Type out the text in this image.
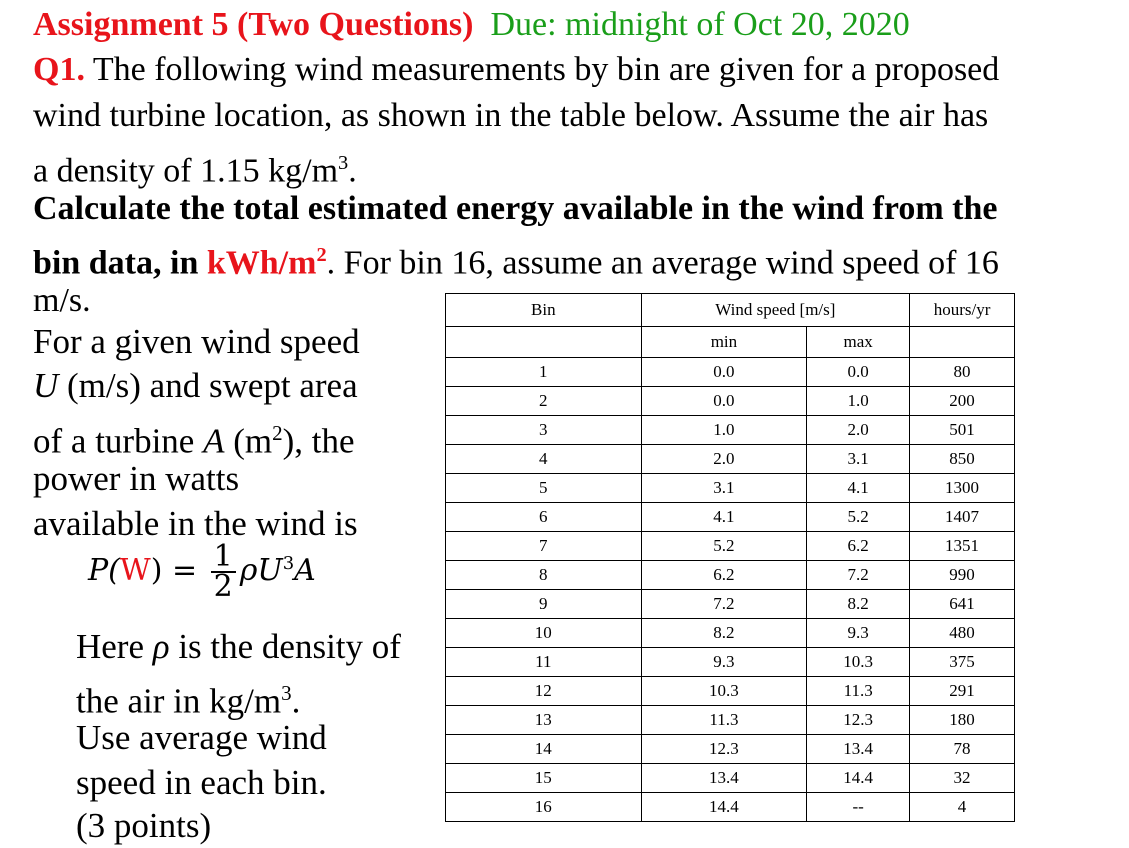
Assignment 5 (Two Questions) Due: midnight of Oct 20, 2020
Q1. The following wind measurements by bin are given for a proposed
wind turbine location, as shown in the table below. Assume the air has
a density of 1.15 $kg/m^3$.
Calculate the total estimated energy available in the wind from the
bin data, in kWh/$m^2$. For bin 16, assume an average wind speed of 16
m/s.
For a given wind speed
U (m/s) and swept area
of a turbine A $(m^2)$, the
power in watts
available in the wind is
$P(W) = \frac{1}{2} \rho U^3A$
Here ρ is the density of
the air in $kg/m^3$.
Use average wind
speed in each bin.
(3 points)
Bin	Wind speed [m/s]		hours/yr
	min	max	
1	0.0	0.0	80
2	0.0	1.0	200
3	1.0	2.0	501
4	2.0	3.1	850
5	3.1	4.1	1300
6	4.1	5.2	1407
7	5.2	6.2	1351
8	6.2	7.2	990
9	7.2	8.2	641
10	8.2	9.3	480
11	9.3	10.3	375
12	10.3	11.3	291
13	11.3	12.3	180
14	12.3	13.4	78
15	13.4	14.4	32
16	14.4	--	4
